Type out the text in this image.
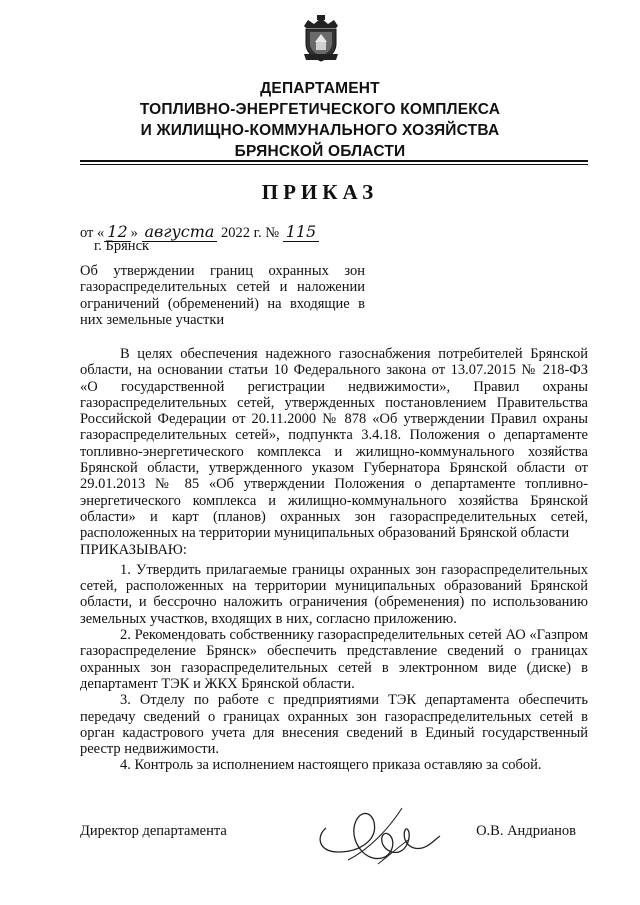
ДЕПАРТАМЕНТ
ТОПЛИВНО-ЭНЕРГЕТИЧЕСКОГО КОМПЛЕКСА
И ЖИЛИЩНО-КОММУНАЛЬНОГО ХОЗЯЙСТВА
БРЯНСКОЙ ОБЛАСТИ
ПРИКАЗ
от « 12 » августа 2022 г. № 115
г. Брянск
Об утверждении границ охранных зон газораспределительных сетей и наложении ограничений (обременений) на входящие в них земельные участки

В целях обеспечения надежного газоснабжения потребителей Брянской области, на основании статьи 10 Федерального закона от 13.07.2015 № 218-ФЗ «О государственной регистрации недвижимости», Правил охраны газораспределительных сетей, утвержденных постановлением Правительства Российской Федерации от 20.11.2000 № 878 «Об утверждении Правил охраны газораспределительных сетей», подпункта 3.4.18. Положения о департаменте топливно-энергетического комплекса и жилищно-коммунального хозяйства Брянской области, утвержденного указом Губернатора Брянской области от 29.01.2013 № 85 «Об утверждении Положения о департаменте топливно-энергетического комплекса и жилищно-коммунального хозяйства Брянской области» и карт (планов) охранных зон газораспределительных сетей, расположенных на территории муниципальных образований Брянской области

ПРИКАЗЫВАЮ:

1. Утвердить прилагаемые границы охранных зон газораспределительных сетей, расположенных на территории муниципальных образований Брянской области, и бессрочно наложить ограничения (обременения) по использованию земельных участков, входящих в них, согласно приложению.

2. Рекомендовать собственнику газораспределительных сетей АО «Газпром газораспределение Брянск» обеспечить представление сведений о границах охранных зон газораспределительных сетей в электронном виде (диске) в департамент ТЭК и ЖКХ Брянской области.

3. Отделу по работе с предприятиями ТЭК департамента обеспечить передачу сведений о границах охранных зон газораспределительных сетей в орган кадастрового учета для внесения сведений в Единый государственный реестр недвижимости.

4. Контроль за исполнением настоящего приказа оставляю за собой.

Директор департамента	О.В. Андрианов
